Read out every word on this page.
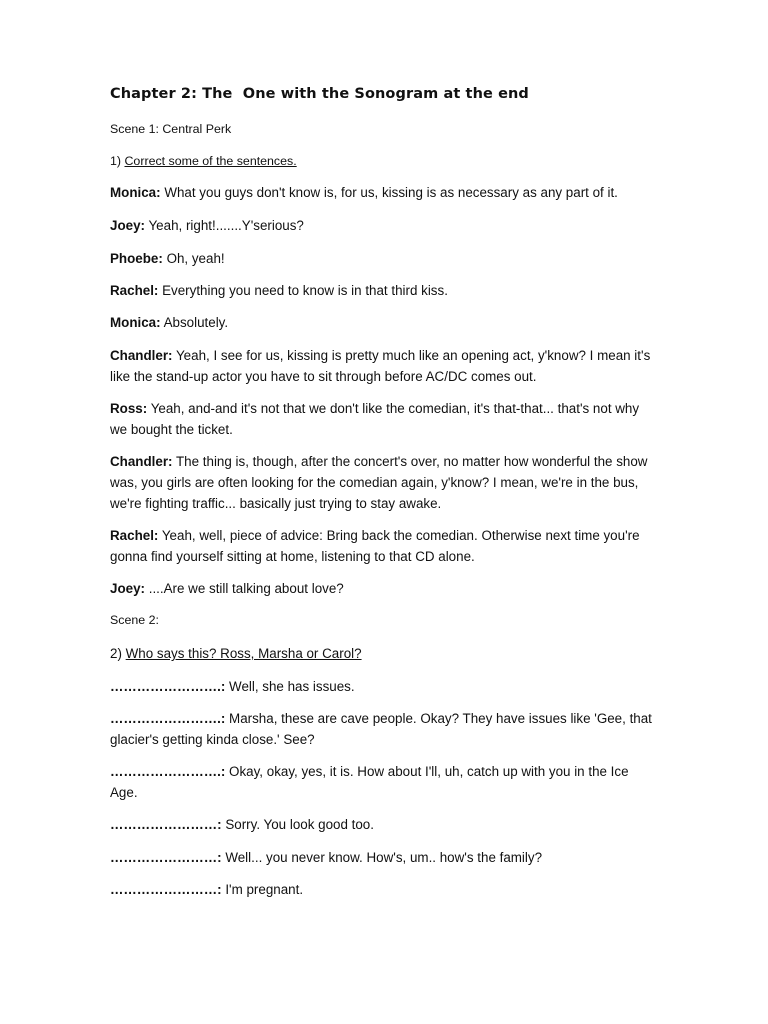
Chapter 2: The  One with the Sonogram at the end

Scene 1: Central Perk

1) Correct some of the sentences.

Monica: What you guys don't know is, for us, kissing is as necessary as any part of it.

Joey: Yeah, right!.......Y'serious?

Phoebe: Oh, yeah!

Rachel: Everything you need to know is in that third kiss.

Monica: Absolutely.

Chandler: Yeah, I see for us, kissing is pretty much like an opening act, y'know? I mean it's like the stand-up actor you have to sit through before AC/DC comes out.

Ross: Yeah, and-and it's not that we don't like the comedian, it's that-that... that's not why we bought the ticket.

Chandler: The thing is, though, after the concert's over, no matter how wonderful the show was, you girls are often looking for the comedian again, y'know? I mean, we're in the bus, we're fighting traffic... basically just trying to stay awake.

Rachel: Yeah, well, piece of advice: Bring back the comedian. Otherwise next time you're gonna find yourself sitting at home, listening to that CD alone.

Joey: ....Are we still talking about love?

Scene 2:

2) Who says this? Ross, Marsha or Carol?

…………………….: Well, she has issues.

…………………….: Marsha, these are cave people. Okay? They have issues like 'Gee, that glacier's getting kinda close.' See?

…………………….: Okay, okay, yes, it is. How about I'll, uh, catch up with you in the Ice Age.

……………………: Sorry. You look good too.

……………………: Well... you never know. How's, um.. how's the family?

……………………: I'm pregnant.
